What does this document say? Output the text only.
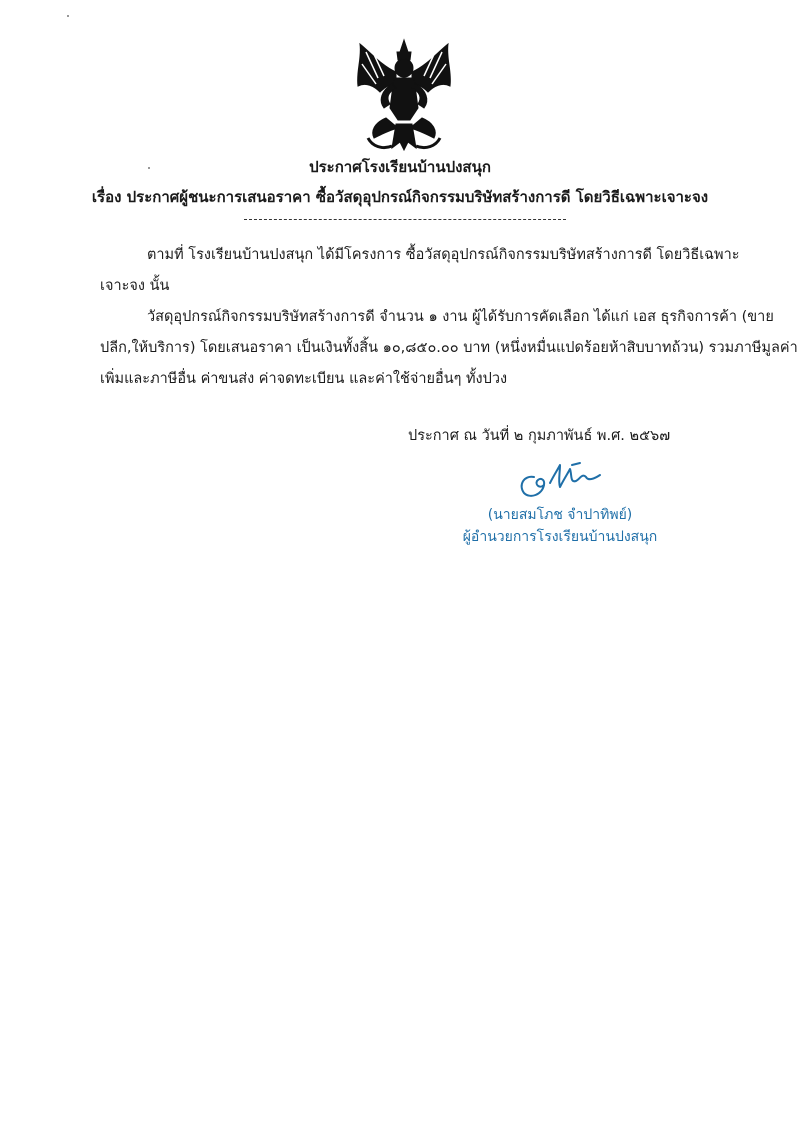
ประกาศโรงเรียนบ้านปงสนุก
เรื่อง ประกาศผู้ชนะการเสนอราคา ซื้อวัสดุอุปกรณ์กิจกรรมบริษัทสร้างการดี โดยวิธีเฉพาะเจาะจง
ตามที่ โรงเรียนบ้านปงสนุก ได้มีโครงการ ซื้อวัสดุอุปกรณ์กิจกรรมบริษัทสร้างการดี โดยวิธีเฉพาะ
เจาะจง นั้น
วัสดุอุปกรณ์กิจกรรมบริษัทสร้างการดี จำนวน ๑ งาน ผู้ได้รับการคัดเลือก ได้แก่ เอส ธุรกิจการค้า (ขาย
ปลีก,ให้บริการ) โดยเสนอราคา เป็นเงินทั้งสิ้น ๑๐,๘๕๐.๐๐ บาท (หนึ่งหมื่นแปดร้อยห้าสิบบาทถ้วน) รวมภาษีมูลค่า
เพิ่มและภาษีอื่น ค่าขนส่ง ค่าจดทะเบียน และค่าใช้จ่ายอื่นๆ ทั้งปวง
ประกาศ ณ วันที่ ๒ กุมภาพันธ์ พ.ศ. ๒๕๖๗
(นายสมโภช จำปาทิพย์)
ผู้อำนวยการโรงเรียนบ้านปงสนุก
